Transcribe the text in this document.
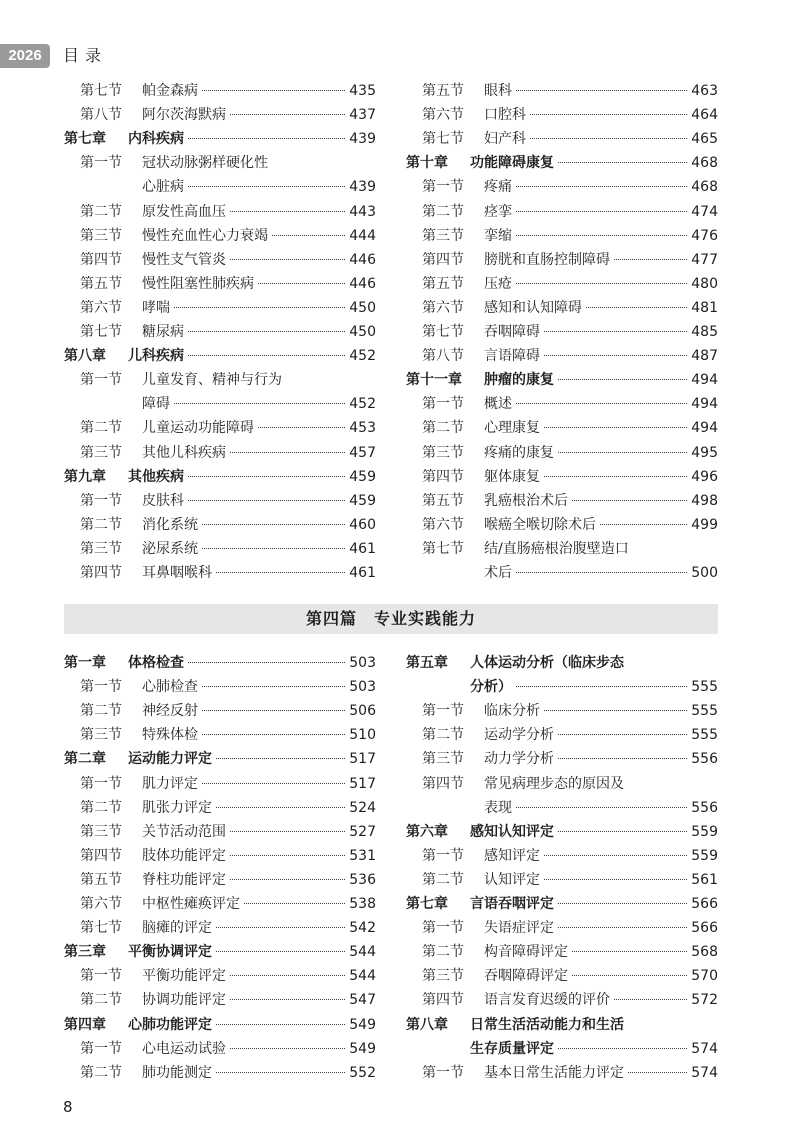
2026	目录
第七节	帕金森病	435
第八节	阿尔茨海默病	437
第七章	内科疾病	439
第一节	冠状动脉粥样硬化性
心脏病	439
第二节	原发性高血压	443
第三节	慢性充血性心力衰竭	444
第四节	慢性支气管炎	446
第五节	慢性阻塞性肺疾病	446
第六节	哮喘	450
第七节	糖尿病	450
第八章	儿科疾病	452
第一节	儿童发育、精神与行为
障碍	452
第二节	儿童运动功能障碍	453
第三节	其他儿科疾病	457
第九章	其他疾病	459
第一节	皮肤科	459
第二节	消化系统	460
第三节	泌尿系统	461
第四节	耳鼻咽喉科	461
第五节	眼科	463
第六节	口腔科	464
第七节	妇产科	465
第十章	功能障碍康复	468
第一节	疼痛	468
第二节	痉挛	474
第三节	挛缩	476
第四节	膀胱和直肠控制障碍	477
第五节	压疮	480
第六节	感知和认知障碍	481
第七节	吞咽障碍	485
第八节	言语障碍	487
第十一章	肿瘤的康复	494
第一节	概述	494
第二节	心理康复	494
第三节	疼痛的康复	495
第四节	躯体康复	496
第五节	乳癌根治术后	498
第六节	喉癌全喉切除术后	499
第七节	结/直肠癌根治腹壁造口
术后	500
第四篇　专业实践能力
第一章	体格检查	503
第一节	心肺检查	503
第二节	神经反射	506
第三节	特殊体检	510
第二章	运动能力评定	517
第一节	肌力评定	517
第二节	肌张力评定	524
第三节	关节活动范围	527
第四节	肢体功能评定	531
第五节	脊柱功能评定	536
第六节	中枢性瘫痪评定	538
第七节	脑瘫的评定	542
第三章	平衡协调评定	544
第一节	平衡功能评定	544
第二节	协调功能评定	547
第四章	心肺功能评定	549
第一节	心电运动试验	549
第二节	肺功能测定	552
第五章	人体运动分析（临床步态
分析）	555
第一节	临床分析	555
第二节	运动学分析	555
第三节	动力学分析	556
第四节	常见病理步态的原因及
表现	556
第六章	感知认知评定	559
第一节	感知评定	559
第二节	认知评定	561
第七章	言语吞咽评定	566
第一节	失语症评定	566
第二节	构音障碍评定	568
第三节	吞咽障碍评定	570
第四节	语言发育迟缓的评价	572
第八章	日常生活活动能力和生活
生存质量评定	574
第一节	基本日常生活能力评定	574
8
